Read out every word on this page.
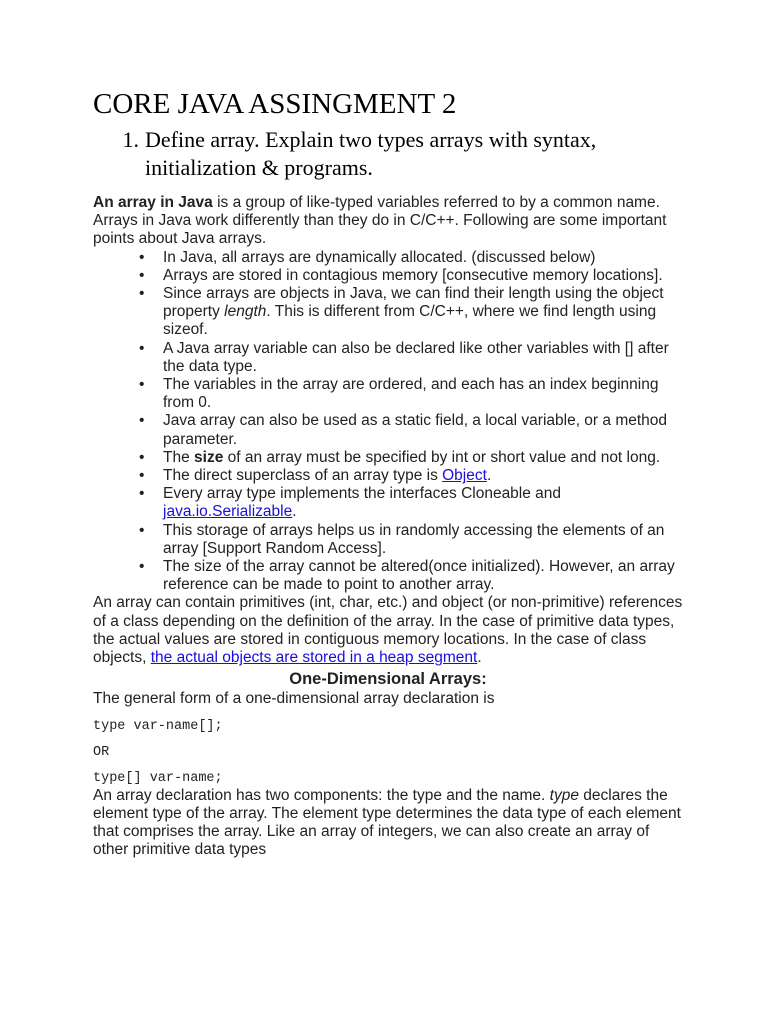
CORE JAVA ASSINGMENT 2
1. Define array. Explain two types arrays with syntax, initialization & programs.

An array in Java is a group of like-typed variables referred to by a common name. Arrays in Java work differently than they do in C/C++. Following are some important points about Java arrays.

• In Java, all arrays are dynamically allocated. (discussed below)
• Arrays are stored in contagious memory [consecutive memory locations].
• Since arrays are objects in Java, we can find their length using the object property length. This is different from C/C++, where we find length using sizeof.
• A Java array variable can also be declared like other variables with [] after the data type.
• The variables in the array are ordered, and each has an index beginning from 0.
• Java array can also be used as a static field, a local variable, or a method parameter.
• The size of an array must be specified by int or short value and not long.
• The direct superclass of an array type is Object.
• Every array type implements the interfaces Cloneable and java.io.Serializable.
• This storage of arrays helps us in randomly accessing the elements of an array [Support Random Access].
• The size of the array cannot be altered(once initialized). However, an array reference can be made to point to another array.

An array can contain primitives (int, char, etc.) and object (or non-primitive) references of a class depending on the definition of the array. In the case of primitive data types, the actual values are stored in contiguous memory locations. In the case of class objects, the actual objects are stored in a heap segment.

One-Dimensional Arrays:

The general form of a one-dimensional array declaration is

type var-name[];
OR
type[] var-name;

An array declaration has two components: the type and the name. type declares the element type of the array. The element type determines the data type of each element that comprises the array. Like an array of integers, we can also create an array of other primitive data types
